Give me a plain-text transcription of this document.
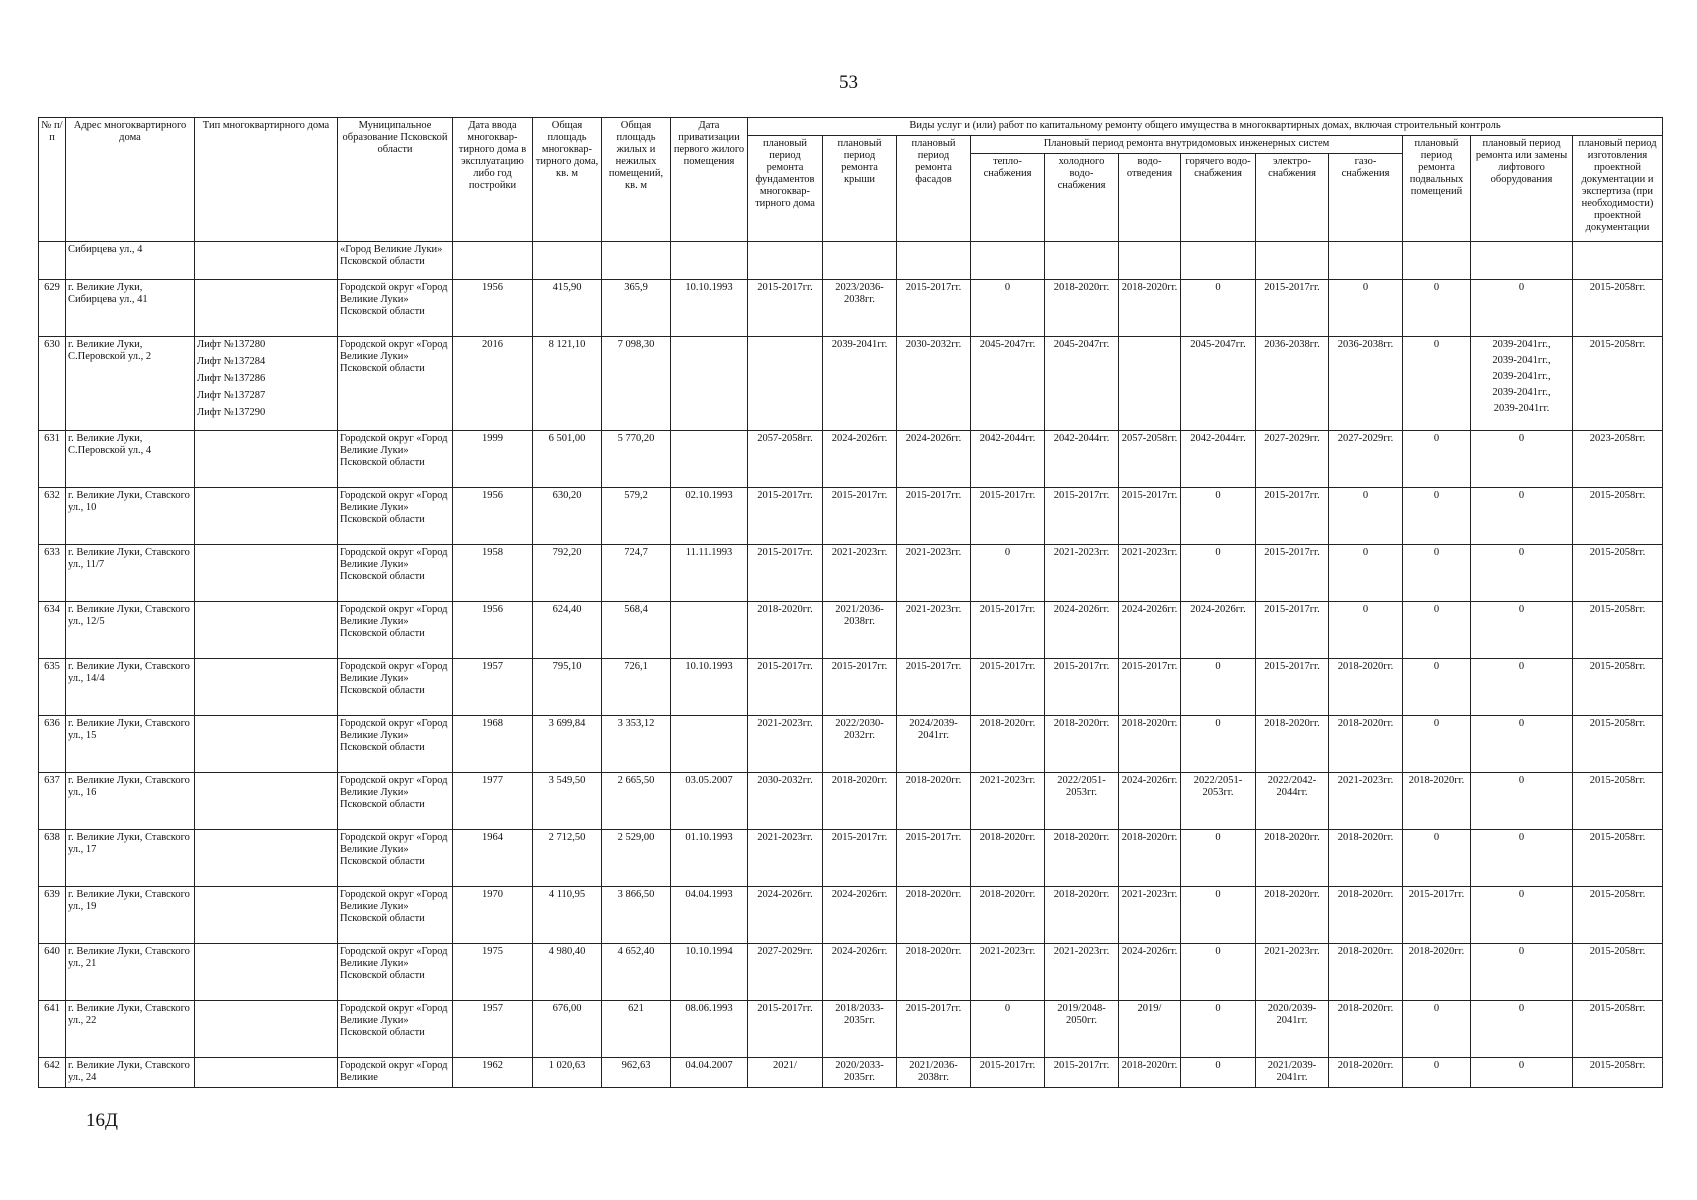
53
№ п/п	Адрес многоквартирного дома	Тип многоквартирного дома	Муниципальное образование Псковской области	Дата ввода многоквар-тирного дома в эксплуатацию либо год постройки	Общая площадь многоквар-тирного дома, кв. м	Общая площадь жилых и нежилых помещений, кв. м	Дата приватизации первого жилого помещения	Виды услуг и (или) работ по капитальному ремонту общего имущества в многоквартирных домах, включая строительный контроль											
								плановый период ремонта фундаментов многоквар-тирного дома	плановый период ремонта крыши	плановый период ремонта фасадов	Плановый период ремонта внутридомовых инженерных систем						плановый период ремонта подвальных помещений	плановый период ремонта или замены лифтового оборудования	плановый период изготовления проектной документации и экспертиза (при необходимости) проектной документации
											тепло-снабжения	холодного водо-снабжения	водо-отведения	горячего водо-снабжения	электро-снабжения	газо-снабжения			
	Сибирцева ул., 4		«Город Великие Луки» Псковской области																
629	г. Великие Луки, Сибирцева ул., 41		Городской округ «Город Великие Луки» Псковской области	1956	415,90	365,9	10.10.1993	2015-2017гг.	2023/2036-2038гг.	2015-2017гг.	0	2018-2020гг.	2018-2020гг.	0	2015-2017гг.	0	0	0	2015-2058гг.
630	г. Великие Луки, С.Перовской ул., 2	Лифт №137280
Лифт №137284
Лифт №137286
Лифт №137287
Лифт №137290	Городской округ «Город Великие Луки» Псковской области	2016	8 121,10	7 098,30			2039-2041гг.	2030-2032гг.	2045-2047гг.	2045-2047гг.		2045-2047гг.	2036-2038гг.	2036-2038гг.	0	2039-2041гг.,
2039-2041гг.,
2039-2041гг.,
2039-2041гг.,
2039-2041гг.	2015-2058гг.
631	г. Великие Луки, С.Перовской ул., 4		Городской округ «Город Великие Луки» Псковской области	1999	6 501,00	5 770,20		2057-2058гг.	2024-2026гг.	2024-2026гг.	2042-2044гг.	2042-2044гг.	2057-2058гг.	2042-2044гг.	2027-2029гг.	2027-2029гг.	0	0	2023-2058гг.
632	г. Великие Луки, Ставского ул., 10		Городской округ «Город Великие Луки» Псковской области	1956	630,20	579,2	02.10.1993	2015-2017гг.	2015-2017гг.	2015-2017гг.	2015-2017гг.	2015-2017гг.	2015-2017гг.	0	2015-2017гг.	0	0	0	2015-2058гг.
633	г. Великие Луки, Ставского ул., 11/7		Городской округ «Город Великие Луки» Псковской области	1958	792,20	724,7	11.11.1993	2015-2017гг.	2021-2023гг.	2021-2023гг.	0	2021-2023гг.	2021-2023гг.	0	2015-2017гг.	0	0	0	2015-2058гг.
634	г. Великие Луки, Ставского ул., 12/5		Городской округ «Город Великие Луки» Псковской области	1956	624,40	568,4		2018-2020гг.	2021/2036-2038гг.	2021-2023гг.	2015-2017гг.	2024-2026гг.	2024-2026гг.	2024-2026гг.	2015-2017гг.	0	0	0	2015-2058гг.
635	г. Великие Луки, Ставского ул., 14/4		Городской округ «Город Великие Луки» Псковской области	1957	795,10	726,1	10.10.1993	2015-2017гг.	2015-2017гг.	2015-2017гг.	2015-2017гг.	2015-2017гг.	2015-2017гг.	0	2015-2017гг.	2018-2020гг.	0	0	2015-2058гг.
636	г. Великие Луки, Ставского ул., 15		Городской округ «Город Великие Луки» Псковской области	1968	3 699,84	3 353,12		2021-2023гг.	2022/2030-2032гг.	2024/2039-2041гг.	2018-2020гг.	2018-2020гг.	2018-2020гг.	0	2018-2020гг.	2018-2020гг.	0	0	2015-2058гг.
637	г. Великие Луки, Ставского ул., 16		Городской округ «Город Великие Луки» Псковской области	1977	3 549,50	2 665,50	03.05.2007	2030-2032гг.	2018-2020гг.	2018-2020гг.	2021-2023гг.	2022/2051-2053гг.	2024-2026гг.	2022/2051-2053гг.	2022/2042-2044гг.	2021-2023гг.	2018-2020гг.	0	2015-2058гг.
638	г. Великие Луки, Ставского ул., 17		Городской округ «Город Великие Луки» Псковской области	1964	2 712,50	2 529,00	01.10.1993	2021-2023гг.	2015-2017гг.	2015-2017гг.	2018-2020гг.	2018-2020гг.	2018-2020гг.	0	2018-2020гг.	2018-2020гг.	0	0	2015-2058гг.
639	г. Великие Луки, Ставского ул., 19		Городской округ «Город Великие Луки» Псковской области	1970	4 110,95	3 866,50	04.04.1993	2024-2026гг.	2024-2026гг.	2018-2020гг.	2018-2020гг.	2018-2020гг.	2021-2023гг.	0	2018-2020гг.	2018-2020гг.	2015-2017гг.	0	2015-2058гг.
640	г. Великие Луки, Ставского ул., 21		Городской округ «Город Великие Луки» Псковской области	1975	4 980,40	4 652,40	10.10.1994	2027-2029гг.	2024-2026гг.	2018-2020гг.	2021-2023гг.	2021-2023гг.	2024-2026гг.	0	2021-2023гг.	2018-2020гг.	2018-2020гг.	0	2015-2058гг.
641	г. Великие Луки, Ставского ул., 22		Городской округ «Город Великие Луки» Псковской области	1957	676,00	621	08.06.1993	2015-2017гг.	2018/2033-2035гг.	2015-2017гг.	0	2019/2048-2050гг.	2019/	0	2020/2039-2041гг.	2018-2020гг.	0	0	2015-2058гг.
642	г. Великие Луки, Ставского ул., 24		Городской округ «Город Великие	1962	1 020,63	962,63	04.04.2007	2021/	2020/2033-2035гг.	2021/2036-2038гг.	2015-2017гг.	2015-2017гг.	2018-2020гг.	0	2021/2039-2041гг.	2018-2020гг.	0	0	2015-2058гг.
16Д
